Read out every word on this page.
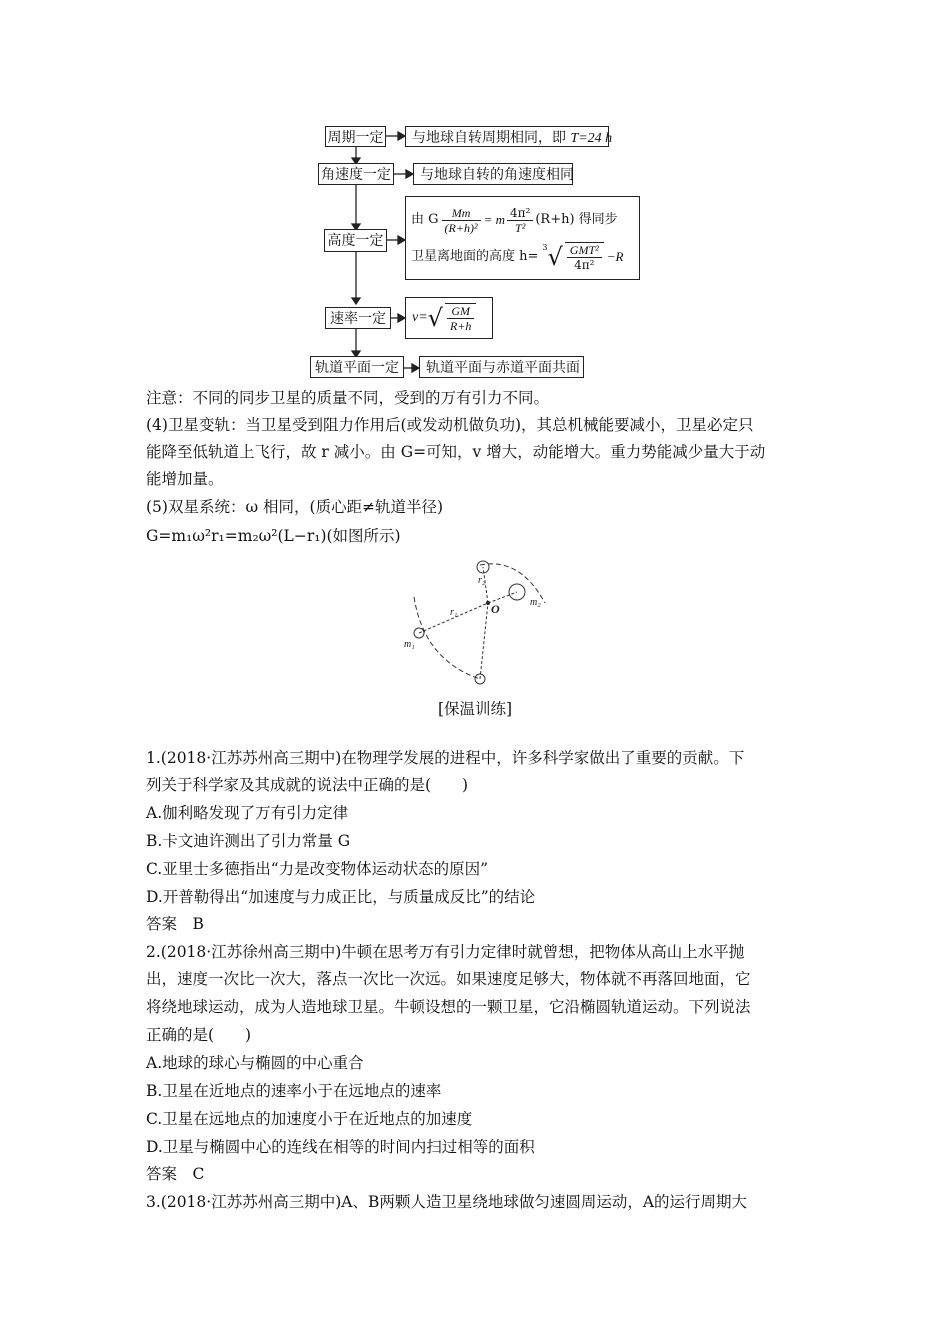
周期一定
角速度一定
高度一定
速率一定
轨道平面一定
与地球自转周期相同，即 T=24 h
与地球自转的角速度相同
由 G $\frac{Mm}{\text{(R+h)²}} = m \frac{\text{4π²}}{\text{T²}} (R+h)$ 得同步
卫星离地面的高度 h=
$^3$ √ $\frac{\text{GMT²}}{\text{4π²}} -R$
v= √ $\frac{GM}{R+h}$
轨道平面与赤道平面共面
注意：不同的同步卫星的质量不同，受到的万有引力不同。
(4)卫星变轨：当卫星受到阻力作用后(或发动机做负功)，其总机械能要减小，卫星必定只
能降至低轨道上飞行，故 r 减小。由 G=可知，v 增大，动能增大。重力势能减少量大于动
能增加量。
(5)双星系统：ω 相同，(质心距≠轨道半径)
G=m₁ω²r₁=m₂ω²(L−r₁)(如图所示)
r₂
r₁	O
m₁
m₂
[保温训练]
1.(2018·江苏苏州高三期中)在物理学发展的进程中，许多科学家做出了重要的贡献。下
列关于科学家及其成就的说法中正确的是(　　)
A.伽利略发现了万有引力定律
B.卡文迪许测出了引力常量 G
C.亚里士多德指出“力是改变物体运动状态的原因”
D.开普勒得出“加速度与力成正比，与质量成反比”的结论
答案　B
2.(2018·江苏徐州高三期中)牛顿在思考万有引力定律时就曾想，把物体从高山上水平抛
出，速度一次比一次大，落点一次比一次远。如果速度足够大，物体就不再落回地面，它
将绕地球运动，成为人造地球卫星。牛顿设想的一颗卫星，它沿椭圆轨道运动。下列说法
正确的是(　　)
A.地球的球心与椭圆的中心重合
B.卫星在近地点的速率小于在远地点的速率
C.卫星在远地点的加速度小于在近地点的加速度
D.卫星与椭圆中心的连线在相等的时间内扫过相等的面积
答案　C
3.(2018·江苏苏州高三期中)A、B两颗人造卫星绕地球做匀速圆周运动，A的运行周期大
